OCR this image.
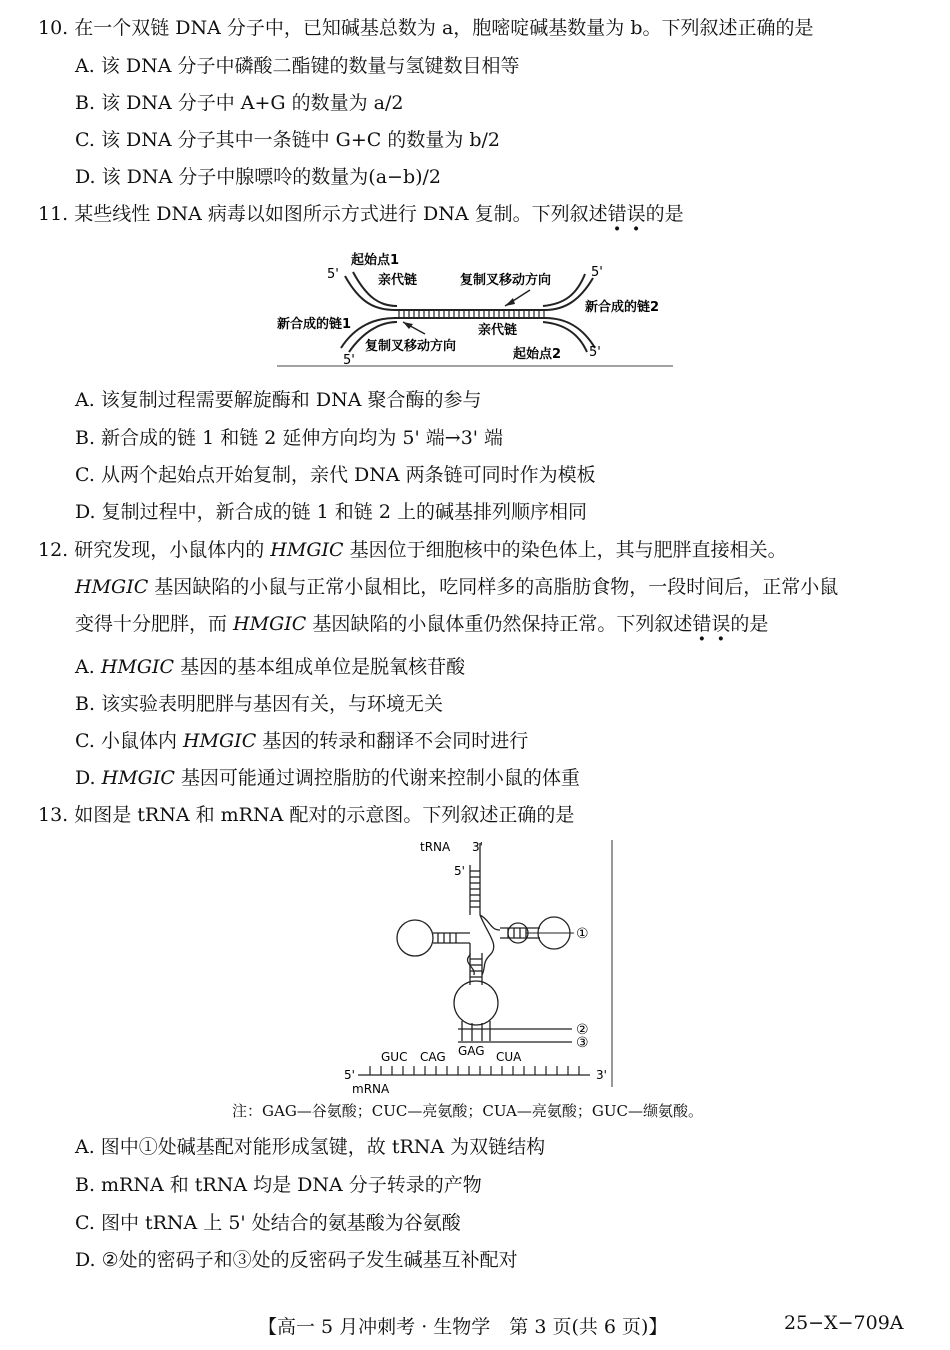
10. 在一个双链 DNA 分子中，已知碱基总数为 a，胞嘧啶碱基数量为 b。下列叙述正确的是
A. 该 DNA 分子中磷酸二酯键的数量与氢键数目相等
B. 该 DNA 分子中 A+G 的数量为 a/2
C. 该 DNA 分子其中一条链中 G+C 的数量为 b/2
D. 该 DNA 分子中腺嘌呤的数量为(a−b)/2
11. 某些线性 DNA 病毒以如图所示方式进行 DNA 复制。下列叙述错误的是
5'
起始点1
亲代链	复制叉移动方向
5'
新合成的链1
新合成的链2
亲代链
复制叉移动方向
5'	起始点2 5'
A. 该复制过程需要解旋酶和 DNA 聚合酶的参与
B. 新合成的链 1 和链 2 延伸方向均为 5' 端→3' 端
C. 从两个起始点开始复制，亲代 DNA 两条链可同时作为模板
D. 复制过程中，新合成的链 1 和链 2 上的碱基排列顺序相同
12. 研究发现，小鼠体内的 HMGIC 基因位于细胞核中的染色体上，其与肥胖直接相关。
HMGIC 基因缺陷的小鼠与正常小鼠相比，吃同样多的高脂肪食物，一段时间后，正常小鼠
变得十分肥胖，而 HMGIC 基因缺陷的小鼠体重仍然保持正常。下列叙述错误的是
A. HMGIC 基因的基本组成单位是脱氧核苷酸
B. 该实验表明肥胖与基因有关，与环境无关
C. 小鼠体内 HMGIC 基因的转录和翻译不会同时进行
D. HMGIC 基因可能通过调控脂肪的代谢来控制小鼠的体重
13. 如图是 tRNA 和 mRNA 配对的示意图。下列叙述正确的是
tRNA 3'
5'
①
②
③
GUC CAG GAG CUA
5'	3'
mRNA
注：GAG—谷氨酸；CUC—亮氨酸；CUA—亮氨酸；GUC—缬氨酸。
A. 图中①处碱基配对能形成氢键，故 tRNA 为双链结构
B. mRNA 和 tRNA 均是 DNA 分子转录的产物
C. 图中 tRNA 上 5' 处结合的氨基酸为谷氨酸
D. ②处的密码子和③处的反密码子发生碱基互补配对
【高一 5 月冲刺考 · 生物学　第 3 页(共 6 页)】	25−X−709A
